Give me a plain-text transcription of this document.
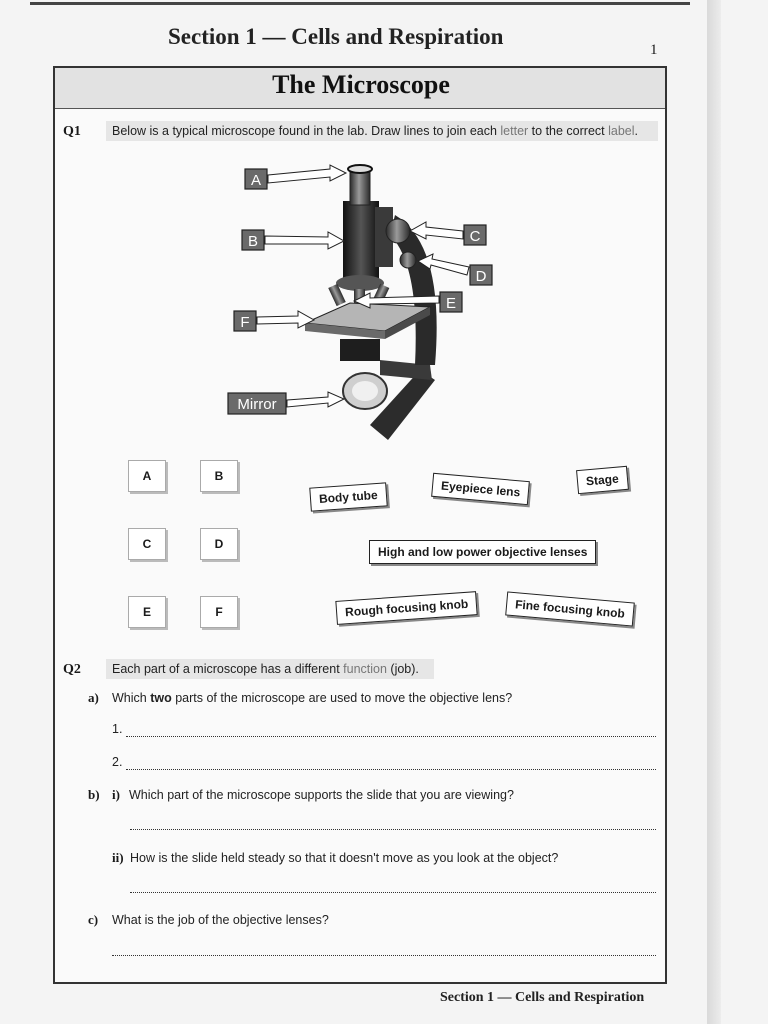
Section 1 — Cells and Respiration
1
The Microscope
Q1	Below is a typical microscope found in the lab. Draw lines to join each letter to the correct label.
A
B	C
D
E
F
Mirror
A	B
C	D
E	F
Body tube	Eyepiece lens	Stage
High and low power objective lenses
Rough focusing knob	Fine focusing knob
Q2	Each part of a microscope has a different function (job).
a) Which two parts of the microscope are used to move the objective lens?
1.
2.
b) i) Which part of the microscope supports the slide that you are viewing?
ii) How is the slide held steady so that it doesn't move as you look at the object?
c) What is the job of the objective lenses?
Section 1 — Cells and Respiration
